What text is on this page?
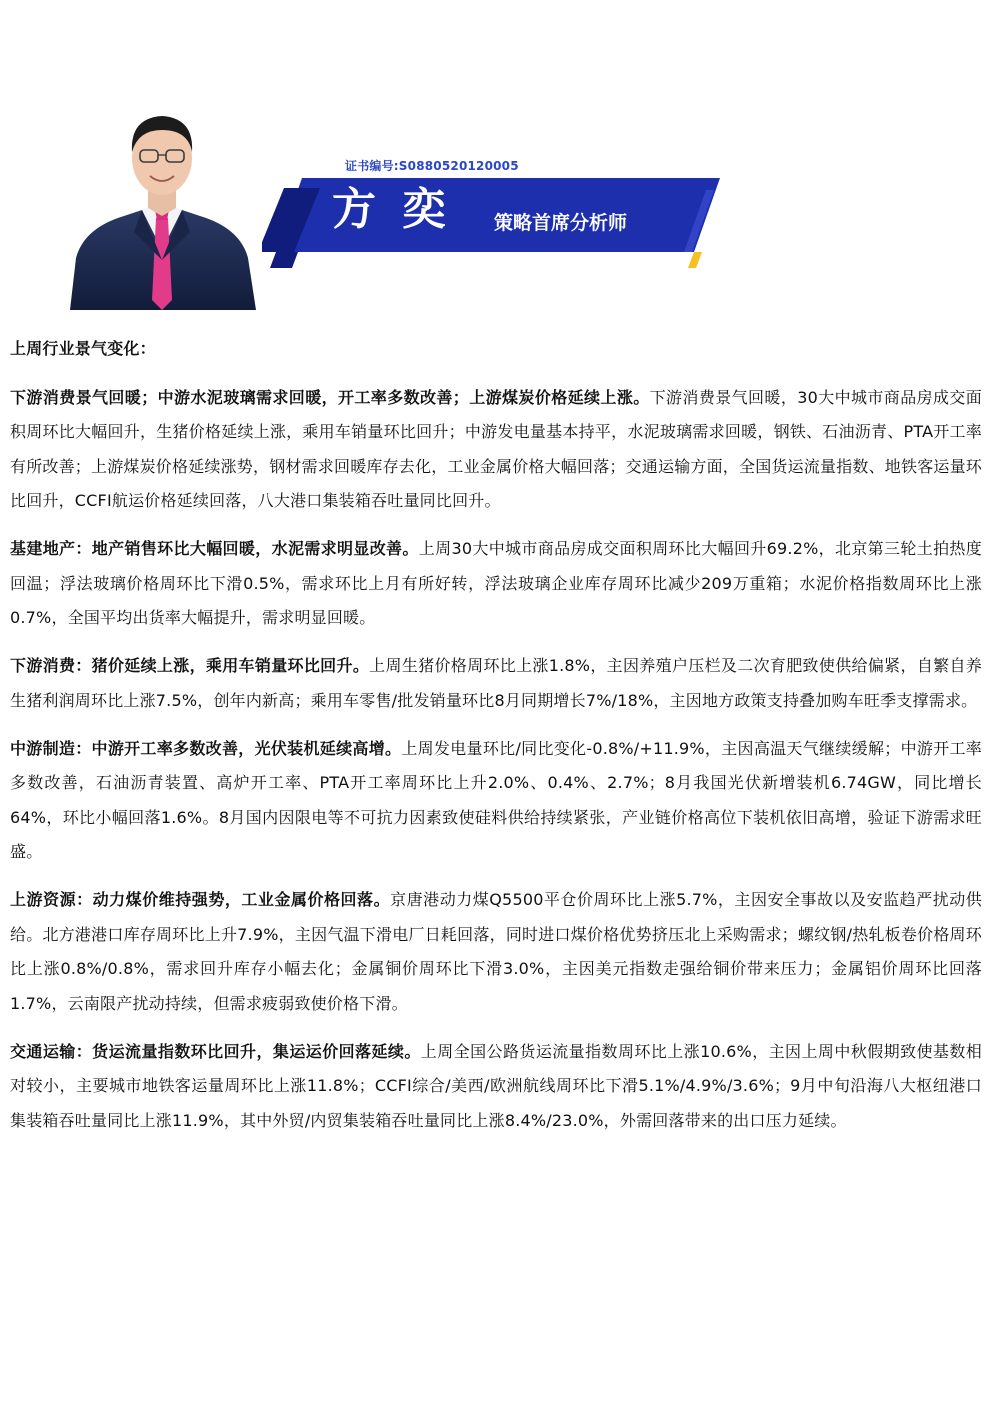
证书编号:S0880520120005
方奕 策略首席分析师
上周行业景气变化：

下游消费景气回暖；中游水泥玻璃需求回暖，开工率多数改善；上游煤炭价格延续上涨。下游消费景气回暖，30大中城市商品房成交面积周环比大幅回升，生猪价格延续上涨，乘用车销量环比回升；中游发电量基本持平，水泥玻璃需求回暖，钢铁、石油沥青、PTA开工率有所改善；上游煤炭价格延续涨势，钢材需求回暖库存去化，工业金属价格大幅回落；交通运输方面，全国货运流量指数、地铁客运量环比回升，CCFI航运价格延续回落，八大港口集装箱吞吐量同比回升。

基建地产：地产销售环比大幅回暖，水泥需求明显改善。上周30大中城市商品房成交面积周环比大幅回升69.2%，北京第三轮土拍热度回温；浮法玻璃价格周环比下滑0.5%，需求环比上月有所好转，浮法玻璃企业库存周环比减少209万重箱；水泥价格指数周环比上涨0.7%，全国平均出货率大幅提升，需求明显回暖。

下游消费：猪价延续上涨，乘用车销量环比回升。上周生猪价格周环比上涨1.8%，主因养殖户压栏及二次育肥致使供给偏紧，自繁自养生猪利润周环比上涨7.5%，创年内新高；乘用车零售/批发销量环比8月同期增长7%/18%，主因地方政策支持叠加购车旺季支撑需求。

中游制造：中游开工率多数改善，光伏装机延续高增。上周发电量环比/同比变化-0.8%/+11.9%，主因高温天气继续缓解；中游开工率多数改善，石油沥青装置、高炉开工率、PTA开工率周环比上升2.0%、0.4%、2.7%；8月我国光伏新增装机6.74GW，同比增长64%，环比小幅回落1.6%。8月国内因限电等不可抗力因素致使硅料供给持续紧张，产业链价格高位下装机依旧高增，验证下游需求旺盛。

上游资源：动力煤价维持强势，工业金属价格回落。京唐港动力煤Q5500平仓价周环比上涨5.7%，主因安全事故以及安监趋严扰动供给。北方港港口库存周环比上升7.9%，主因气温下滑电厂日耗回落，同时进口煤价格优势挤压北上采购需求；螺纹钢/热轧板卷价格周环比上涨0.8%/0.8%，需求回升库存小幅去化；金属铜价周环比下滑3.0%，主因美元指数走强给铜价带来压力；金属铝价周环比回落1.7%，云南限产扰动持续，但需求疲弱致使价格下滑。

交通运输：货运流量指数环比回升，集运运价回落延续。上周全国公路货运流量指数周环比上涨10.6%，主因上周中秋假期致使基数相对较小，主要城市地铁客运量周环比上涨11.8%；CCFI综合/美西/欧洲航线周环比下滑5.1%/4.9%/3.6%；9月中旬沿海八大枢纽港口集装箱吞吐量同比上涨11.9%，其中外贸/内贸集装箱吞吐量同比上涨8.4%/23.0%，外需回落带来的出口压力延续。
